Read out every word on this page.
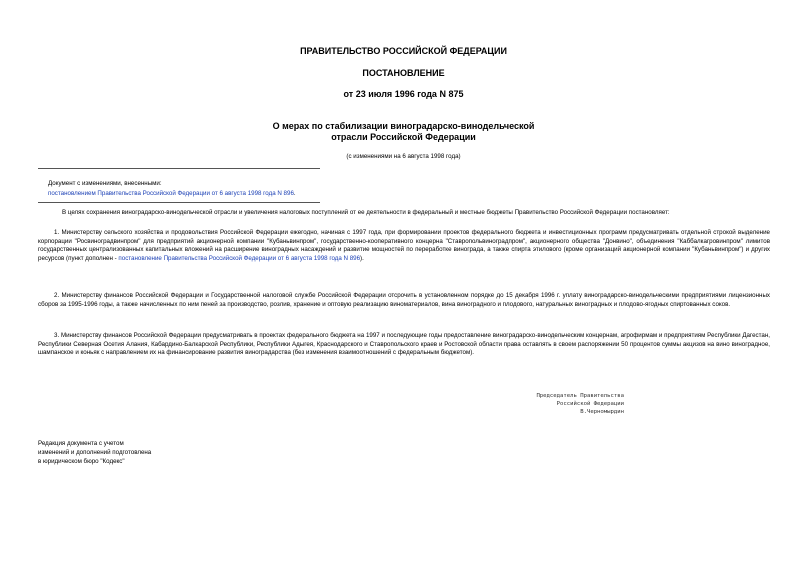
ПРАВИТЕЛЬСТВО РОССИЙСКОЙ ФЕДЕРАЦИИ
ПОСТАНОВЛЕНИЕ
от 23 июля 1996 года N 875
О мерах по стабилизации виноградарско-винодельческой
отрасли Российской Федерации
(с изменениями на 6 августа 1998 года)
Документ с изменениями, внесенными:
постановлением Правительства Российской Федерации от 6 августа 1998 года N 896.
В целях сохранения виноградарско-винодельческой отрасли и увеличения налоговых поступлений от ее деятельности в федеральный и местные бюджеты Правительство Российской Федерации постановляет:
1. Министерству сельского хозяйства и продовольствия Российской Федерации ежегодно, начиная с 1997 года, при формировании проектов федерального бюджета и инвестиционных программ предусматривать отдельной строкой выделение корпорации "Росвиноградвинпром" для предприятий акционерной компании "Кубаньвинпром", государственно-кооперативного концерна "Ставропольвиноградпром", акционерного общества "Донвино", объединения "Каббалкагровинпром" лимитов государственных централизованных капитальных вложений на расширение виноградных насаждений и развитие мощностей по переработке винограда, а также спирта этилового (кроме организаций акционерной компании "Кубаньвинпром") и других ресурсов (пункт дополнен - постановление Правительства Российской Федерации от 6 августа 1998 года N 896).
2. Министерству финансов Российской Федерации и Государственной налоговой службе Российской Федерации отсрочить в установленном порядке до 15 декабря 1996 г. уплату виноградарско-винодельческими предприятиями лицензионных сборов за 1995-1996 годы, а также начисленных по ним пеней за производство, розлив, хранение и оптовую реализацию виноматериалов, вина виноградного и плодового, натуральных виноградных и плодово-ягодных спиртованных соков.
3. Министерству финансов Российской Федерации предусматривать в проектах федерального бюджета на 1997 и последующие годы предоставление виноградарско-винодельческим концернам, агрофирмам и предприятиям Республики Дагестан, Республики Северная Осетия Алания, Кабардино-Балкарской Республики, Республики Адыгея, Краснодарского и Ставропольского краев и Ростовской области права оставлять в своем распоряжении 50 процентов суммы акцизов на вино виноградное, шампанское и коньяк с направлением их на финансирование развития виноградарства (без изменения взаимоотношений с федеральным бюджетом).
Председатель Правительства
Российской Федерации
В.Черномырдин
Редакция документа с учетом
изменений и дополнений подготовлена
в юридическом бюро "Кодекс"
